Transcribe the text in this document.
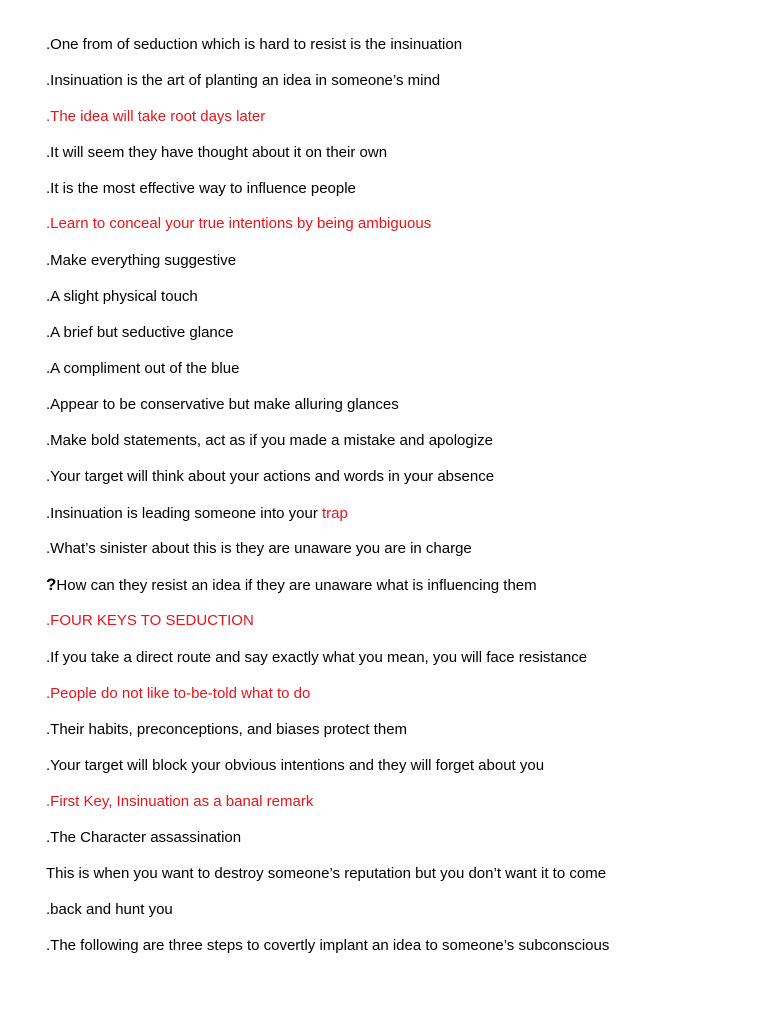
.One from of seduction which is hard to resist is the insinuation

.Insinuation is the art of planting an idea in someone’s mind

.The idea will take root days later

.It will seem they have thought about it on their own

.It is the most effective way to influence people

.Learn to conceal your true intentions by being ambiguous

.Make everything suggestive

.A slight physical touch

.A brief but seductive glance

.A compliment out of the blue

.Appear to be conservative but make alluring glances

.Make bold statements, act as if you made a mistake and apologize

.Your target will think about your actions and words in your absence

.Insinuation is leading someone into your trap

.What’s sinister about this is they are unaware you are in charge

?How can they resist an idea if they are unaware what is influencing them

.FOUR KEYS TO SEDUCTION

.If you take a direct route and say exactly what you mean, you will face resistance

.People do not like to-be-told what to do

.Their habits, preconceptions, and biases protect them

.Your target will block your obvious intentions and they will forget about you

.First Key, Insinuation as a banal remark

.The Character assassination

This is when you want to destroy someone’s reputation but you don’t want it to come

.back and hunt you

.The following are three steps to covertly implant an idea to someone’s subconscious
